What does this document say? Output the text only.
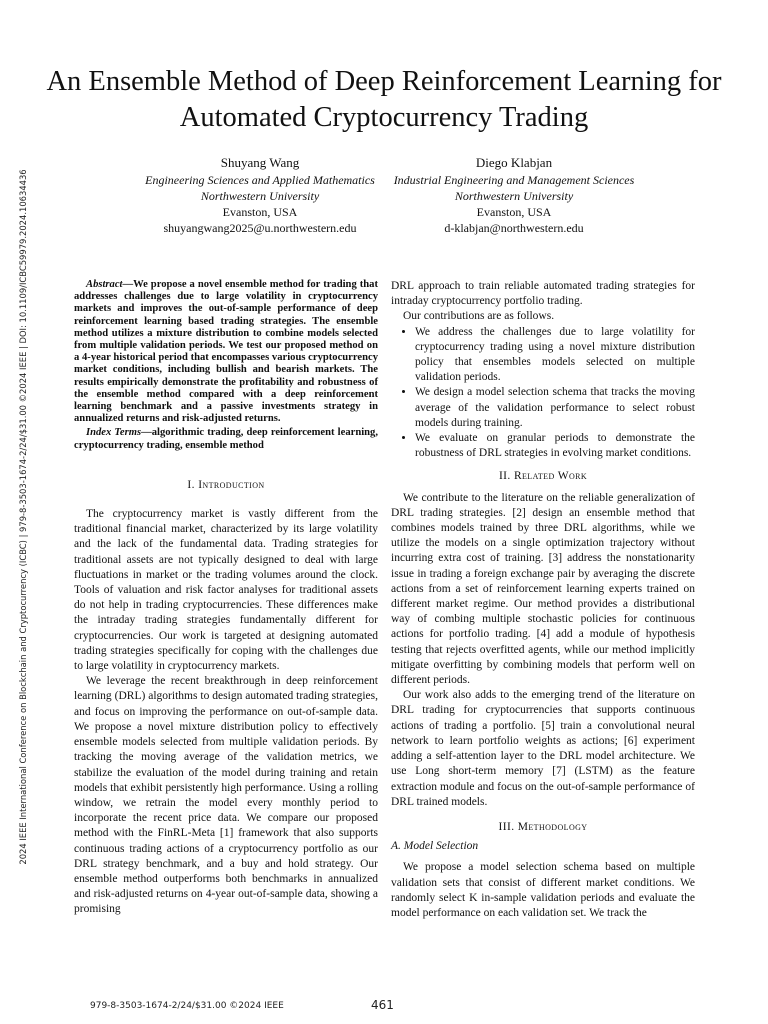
2024 IEEE International Conference on Blockchain and Cryptocurrency (ICBC) | 979-8-3503-1674-2/24/$31.00 ©2024 IEEE | DOI: 10.1109/ICBC59979.2024.10634436
An Ensemble Method of Deep Reinforcement Learning for Automated Cryptocurrency Trading
Shuyang Wang
Engineering Sciences and Applied Mathematics
Northwestern University
Evanston, USA
shuyangwang2025@u.northwestern.edu
Diego Klabjan
Industrial Engineering and Management Sciences
Northwestern University
Evanston, USA
d-klabjan@northwestern.edu

Abstract—We propose a novel ensemble method for trading that addresses challenges due to large volatility in cryptocurrency markets and improves the out-of-sample performance of deep reinforcement learning based trading strategies. The ensemble method utilizes a mixture distribution to combine models selected from multiple validation periods. We test our proposed method on a 4-year historical period that encompasses various cryptocurrency market conditions, including bullish and bearish markets. The results empirically demonstrate the profitability and robustness of the ensemble method compared with a deep reinforcement learning benchmark and a passive investments strategy in annualized returns and risk-adjusted returns.

Index Terms—algorithmic trading, deep reinforcement learning, cryptocurrency trading, ensemble method

I. Introduction

The cryptocurrency market is vastly different from the traditional financial market, characterized by its large volatility and the lack of the fundamental data. Trading strategies for traditional assets are not typically designed to deal with large fluctuations in market or the trading volumes around the clock. Tools of valuation and risk factor analyses for traditional assets do not help in trading cryptocurrencies. These differences make the intraday trading strategies fundamentally different for cryptocurrencies. Our work is targeted at designing automated trading strategies specifically for coping with the challenges due to large volatility in cryptocurrency markets.

We leverage the recent breakthrough in deep reinforcement learning (DRL) algorithms to design automated trading strategies, and focus on improving the performance on out-of-sample data. We propose a novel mixture distribution policy to effectively ensemble models selected from multiple validation periods. By tracking the moving average of the validation metrics, we stabilize the evaluation of the model during training and retain models that exhibit persistently high performance. Using a rolling window, we retrain the model every monthly period to incorporate the recent price data. We compare our proposed method with the FinRL-Meta [1] framework that also supports continuous trading actions of a cryptocurrency portfolio as our DRL strategy benchmark, and a buy and hold strategy. Our ensemble method outperforms both benchmarks in annualized and risk-adjusted returns on 4-year out-of-sample data, showing a promising

DRL approach to train reliable automated trading strategies for intraday cryptocurrency portfolio trading.

Our contributions are as follows.

• We address the challenges due to large volatility for cryptocurrency trading using a novel mixture distribution policy that ensembles models selected on multiple validation periods.
• We design a model selection schema that tracks the moving average of the validation performance to select robust models during training.
• We evaluate on granular periods to demonstrate the robustness of DRL strategies in evolving market conditions.
II. Related Work

We contribute to the literature on the reliable generalization of DRL trading strategies. [2] design an ensemble method that combines models trained by three DRL algorithms, while we utilize the models on a single optimization trajectory without incurring extra cost of training. [3] address the nonstationarity issue in trading a foreign exchange pair by averaging the discrete actions from a set of reinforcement learning experts trained on different market regime. Our method provides a distributional way of combing multiple stochastic policies for continuous actions for portfolio trading. [4] add a module of hypothesis testing that rejects overfitted agents, while our method implicitly mitigate overfitting by combining models that perform well on different periods.

Our work also adds to the emerging trend of the literature on DRL trading for cryptocurrencies that supports continuous actions of trading a portfolio. [5] train a convolutional neural network to learn portfolio weights as actions; [6] experiment adding a self-attention layer to the DRL model architecture. We use Long short-term memory [7] (LSTM) as the feature extraction module and focus on the out-of-sample performance of DRL trained models.

III. Methodology
A. Model Selection

We propose a model selection schema based on multiple validation sets that consist of different market conditions. We randomly select K in-sample validation periods and evaluate the model performance on each validation set. We track the

979-8-3503-1674-2/24/$31.00 ©2024 IEEE	461
